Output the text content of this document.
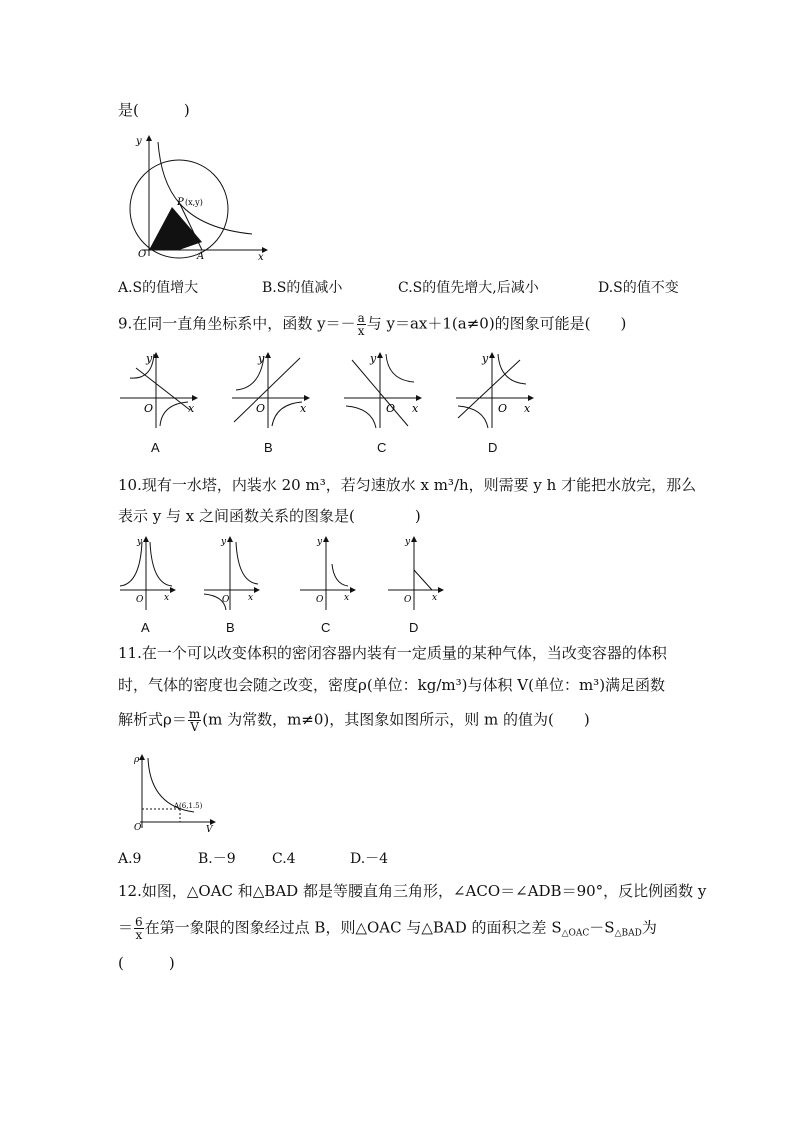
是(　　　)
y
x
O	A
P (x,y)
A.S的值增大	B.S的值减小	C.S的值先增大,后减小	D.S的值不变
9.在同一直角坐标系中，函数 $y=- \frac{a}{x}$ 与 y＝ax＋1(a≠0)的图象可能是(　　)
y
O	x
y
O	x
y
O x
y
O x
A	B	C	D
10.现有一水塔，内装水 20 m³，若匀速放水 x m³/h，则需要 y h 才能把水放完，那么
表示 y 与 x 之间函数关系的图象是(　　　　)
y
O x
y
O x
y
O x
y
O x
A	B	C	D
11.在一个可以改变体积的密闭容器内装有一定质量的某种气体，当改变容器的体积
时，气体的密度也会随之改变，密度ρ(单位：kg/m³)与体积 V(单位：m³)满足函数
解析式$\rho= \frac{m}{V} (m$ 为常数，m≠0)，其图象如图所示，则 m 的值为(　　)
ρ
O	V
A(6,1.5)
A.9	B.－9	C.4	D.－4
12.如图，△OAC 和△BAD 都是等腰直角三角形，∠ACO＝∠ADB＝90°，反比例函数 y
＝ $\frac{6}{x}$ 在第一象限的图象经过点 B，则△OAC 与△BAD 的面积之差 $S_{\triangle OAC}-S_{\triangle BAD}$为
(　　　)
